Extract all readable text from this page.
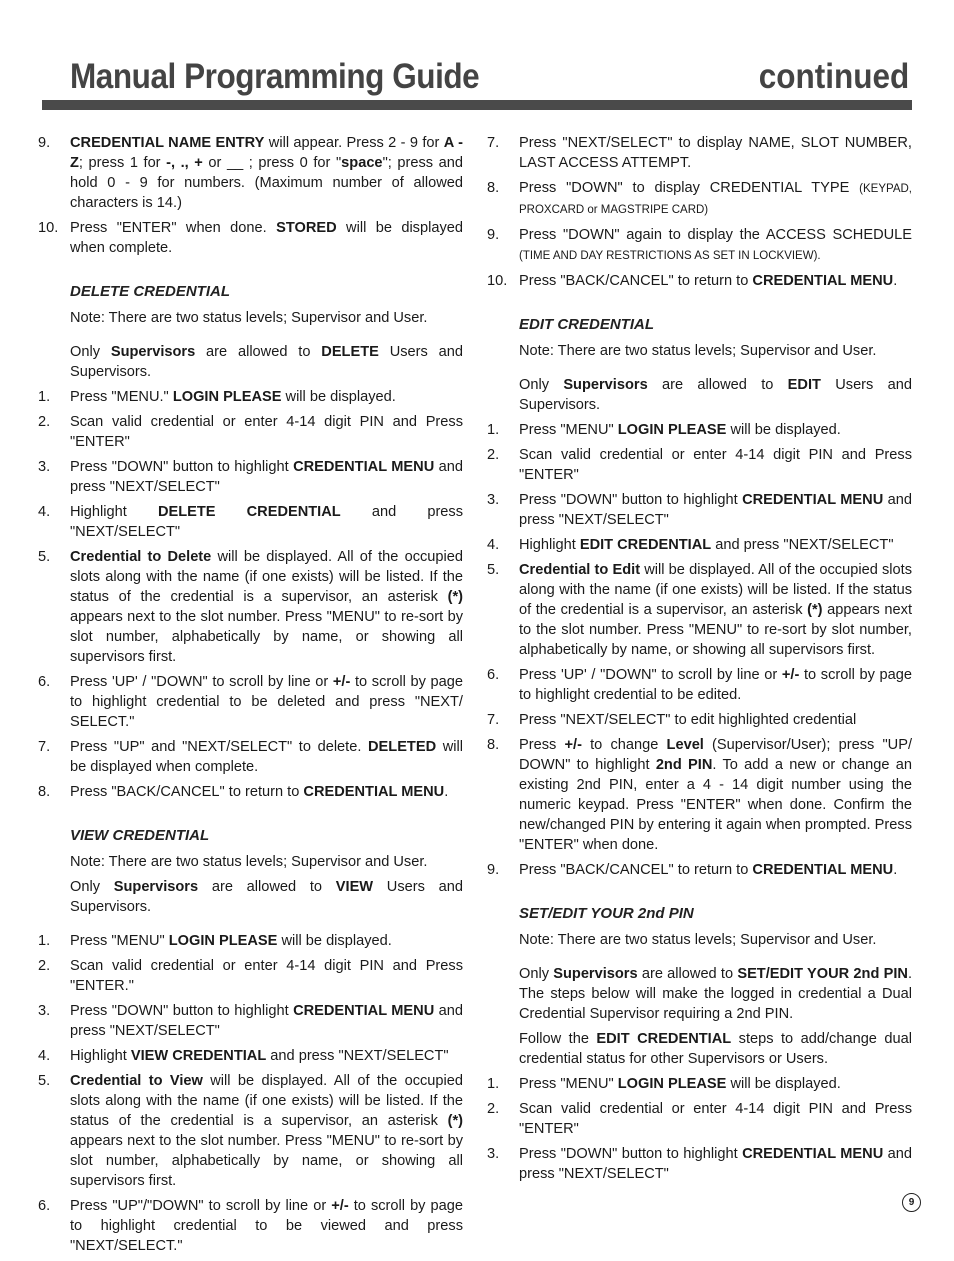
Manual Programming Guide	continued
9.	CREDENTIAL NAME ENTRY will appear. Press 2 - 9 for A - Z; press 1 for -, ., + or __ ; press 0 for "space"; press and hold 0 - 9 for numbers. (Maximum number of allowed characters is 14.)
10. Press "ENTER" when done. STORED will be displayed when complete.
DELETE CREDENTIAL
Note: There are two status levels; Supervisor and User.
Only Supervisors are allowed to DELETE Users and Supervisors.
1.	Press "MENU." LOGIN PLEASE will be displayed.
2.	Scan valid credential or enter 4-14 digit PIN and Press "ENTER"
3.	Press "DOWN" button to highlight CREDENTIAL MENU and press "NEXT/SELECT"
4.	Highlight DELETE CREDENTIAL and press "NEXT/SELECT"
5.	Credential to Delete will be displayed. All of the occupied slots along with the name (if one exists) will be listed. If the status of the credential is a supervisor, an asterisk (*) appears next to the slot number. Press "MENU" to re-sort by slot number, alphabetically by name, or showing all supervisors first.
6.	Press 'UP' / "DOWN" to scroll by line or +/- to scroll by page to highlight credential to be deleted and press "NEXT/ SELECT."
7.	Press "UP" and "NEXT/SELECT" to delete. DELETED will be displayed when complete.
8.	Press "BACK/CANCEL" to return to CREDENTIAL MENU.
VIEW CREDENTIAL
Note: There are two status levels; Supervisor and User.
Only Supervisors are allowed to VIEW Users and Supervisors.
1.	Press "MENU" LOGIN PLEASE will be displayed.
2.	Scan valid credential or enter 4-14 digit PIN and Press "ENTER."
3.	Press "DOWN" button to highlight CREDENTIAL MENU and press "NEXT/SELECT"
4.	Highlight VIEW CREDENTIAL and press "NEXT/SELECT"
5.	Credential to View will be displayed. All of the occupied slots along with the name (if one exists) will be listed. If the status of the credential is a supervisor, an asterisk (*) appears next to the slot number. Press "MENU" to re-sort by slot number, alphabetically by name, or showing all supervisors first.
6.	Press "UP"/"DOWN" to scroll by line or +/- to scroll by page to highlight credential to be viewed and press "NEXT/SELECT."
7.	Press "NEXT/SELECT" to display NAME, SLOT NUMBER, LAST ACCESS ATTEMPT.
8.	Press "DOWN" to display CREDENTIAL TYPE (KEYPAD, PROXCARD or MAGSTRIPE CARD)
9.	Press "DOWN" again to display the ACCESS SCHEDULE (TIME AND DAY RESTRICTIONS AS SET IN LOCKVIEW).
10. Press "BACK/CANCEL" to return to CREDENTIAL MENU.
EDIT CREDENTIAL
Note: There are two status levels; Supervisor and User.
Only Supervisors are allowed to EDIT Users and Supervisors.
1.	Press "MENU" LOGIN PLEASE will be displayed.
2.	Scan valid credential or enter 4-14 digit PIN and Press "ENTER"
3.	Press "DOWN" button to highlight CREDENTIAL MENU and press "NEXT/SELECT"
4.	Highlight EDIT CREDENTIAL and press "NEXT/SELECT"
5.	Credential to Edit will be displayed. All of the occupied slots along with the name (if one exists) will be listed. If the status of the credential is a supervisor, an asterisk (*) appears next to the slot number. Press "MENU" to re-sort by slot number, alphabetically by name, or showing all supervisors first.
6.	Press 'UP' / "DOWN" to scroll by line or +/- to scroll by page to highlight credential to be edited.
7.	Press "NEXT/SELECT" to edit highlighted credential
8.	Press +/- to change Level (Supervisor/User); press "UP/ DOWN" to highlight 2nd PIN. To add a new or change an existing 2nd PIN, enter a 4 - 14 digit number using the numeric keypad. Press "ENTER" when done. Confirm the new/changed PIN by entering it again when prompted. Press "ENTER" when done.
9.	Press "BACK/CANCEL" to return to CREDENTIAL MENU.
SET/EDIT YOUR 2nd PIN
Note: There are two status levels; Supervisor and User.
Only Supervisors are allowed to SET/EDIT YOUR 2nd PIN. The steps below will make the logged in credential a Dual Credential Supervisor requiring a 2nd PIN.
Follow the EDIT CREDENTIAL steps to add/change dual credential status for other Supervisors or Users.
1.	Press "MENU" LOGIN PLEASE will be displayed.
2.	Scan valid credential or enter 4-14 digit PIN and Press "ENTER"
3.	Press "DOWN" button to highlight CREDENTIAL MENU and press "NEXT/SELECT"
9
